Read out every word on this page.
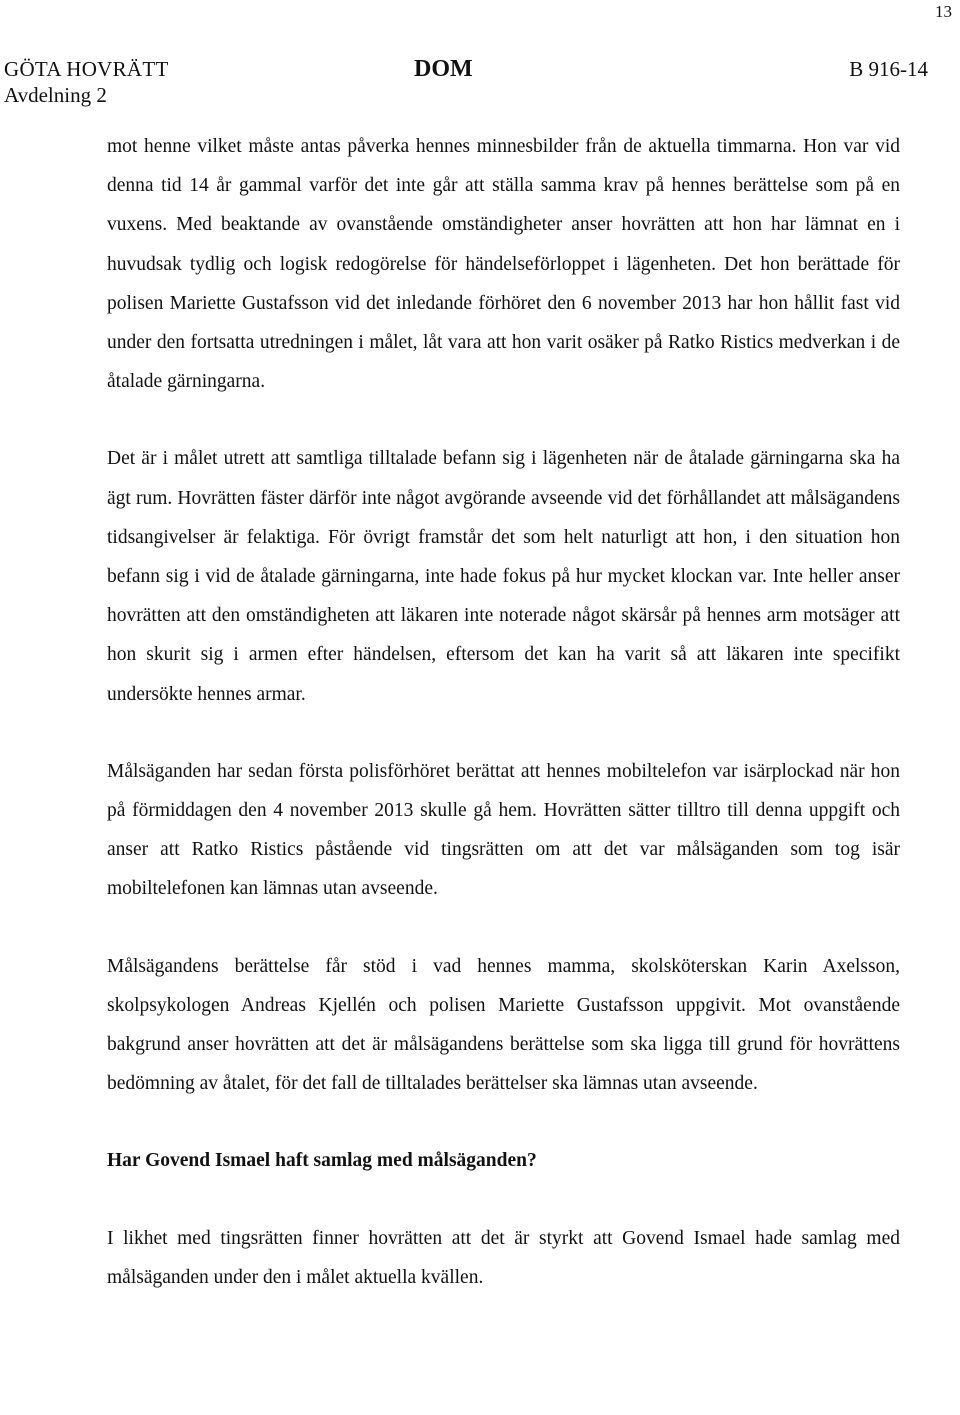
13
GÖTA HOVRÄTT
Avdelning 2
DOM	B 916-14

mot henne vilket måste antas påverka hennes minnesbilder från de aktuella timmarna. Hon var vid denna tid 14 år gammal varför det inte går att ställa samma krav på hennes berättelse som på en vuxens. Med beaktande av ovanstående omständigheter anser hovrätten att hon har lämnat en i huvudsak tydlig och logisk redogörelse för händelseförloppet i lägenheten. Det hon berättade för polisen Mariette Gustafsson vid det inledande förhöret den 6 november 2013 har hon hållit fast vid under den fortsatta utredningen i målet, låt vara att hon varit osäker på Ratko Ristics medverkan i de åtalade gärningarna.

Det är i målet utrett att samtliga tilltalade befann sig i lägenheten när de åtalade gärningarna ska ha ägt rum. Hovrätten fäster därför inte något avgörande avseende vid det förhållandet att målsägandens tidsangivelser är felaktiga. För övrigt framstår det som helt naturligt att hon, i den situation hon befann sig i vid de åtalade gärningarna, inte hade fokus på hur mycket klockan var. Inte heller anser hovrätten att den omständigheten att läkaren inte noterade något skärsår på hennes arm motsäger att hon skurit sig i armen efter händelsen, eftersom det kan ha varit så att läkaren inte specifikt undersökte hennes armar.

Målsäganden har sedan första polisförhöret berättat att hennes mobiltelefon var isärplockad när hon på förmiddagen den 4 november 2013 skulle gå hem. Hovrätten sätter tilltro till denna uppgift och anser att Ratko Ristics påstående vid tingsrätten om att det var målsäganden som tog isär mobiltelefonen kan lämnas utan avseende.

Målsägandens berättelse får stöd i vad hennes mamma, skolsköterskan Karin Axelsson, skolpsykologen Andreas Kjellén och polisen Mariette Gustafsson uppgivit. Mot ovanstående bakgrund anser hovrätten att det är målsägandens berättelse som ska ligga till grund för hovrättens bedömning av åtalet, för det fall de tilltalades berättelser ska lämnas utan avseende.

Har Govend Ismael haft samlag med målsäganden?

I likhet med tingsrätten finner hovrätten att det är styrkt att Govend Ismael hade samlag med målsäganden under den i målet aktuella kvällen.
